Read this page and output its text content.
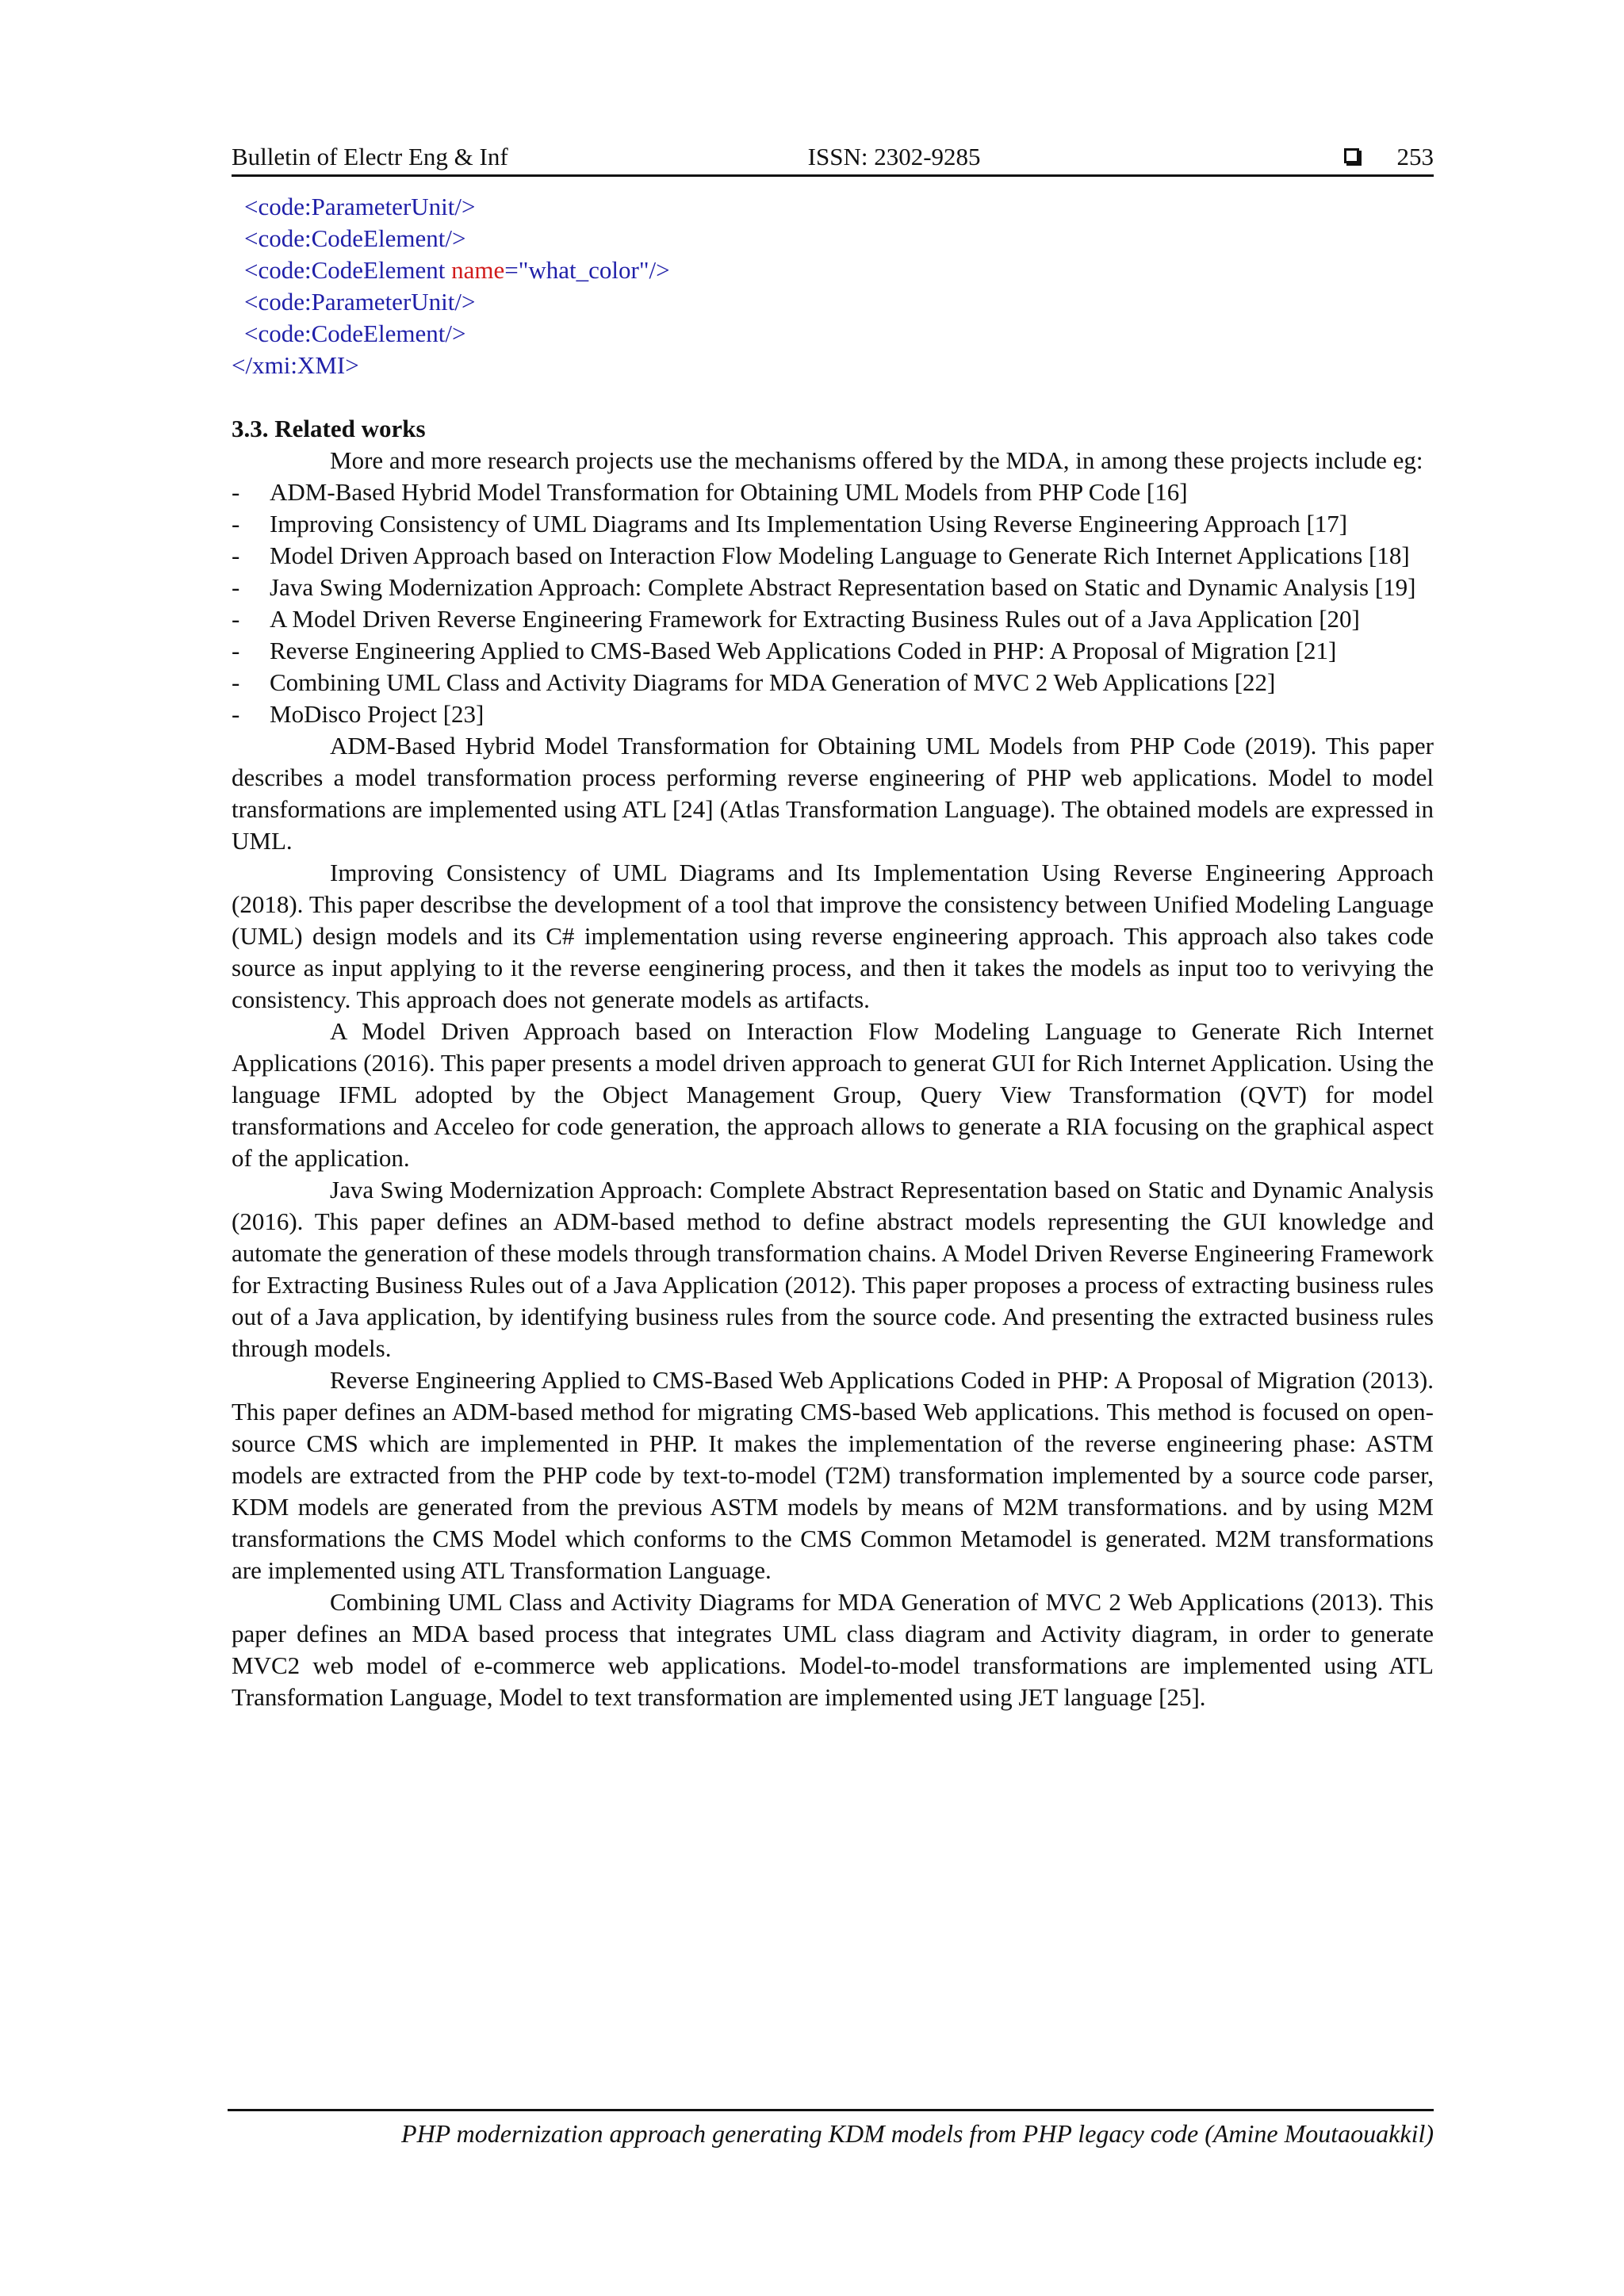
Bulletin of Electr Eng & Inf	ISSN: 2302-9285	253
<code:ParameterUnit/>
<code:CodeElement/>
<code:CodeElement name="what_color"/>
<code:ParameterUnit/>
<code:CodeElement/>
</xmi:XMI>
3.3. Related works

More and more research projects use the mechanisms offered by the MDA, in among these projects include eg:

- ADM-Based Hybrid Model Transformation for Obtaining UML Models from PHP Code [16]
- Improving Consistency of UML Diagrams and Its Implementation Using Reverse Engineering Approach [17]
- Model Driven Approach based on Interaction Flow Modeling Language to Generate Rich Internet Applications [18]
- Java Swing Modernization Approach: Complete Abstract Representation based on Static and Dynamic Analysis [19]
- A Model Driven Reverse Engineering Framework for Extracting Business Rules out of a Java Application [20]
- Reverse Engineering Applied to CMS-Based Web Applications Coded in PHP: A Proposal of Migration [21]
- Combining UML Class and Activity Diagrams for MDA Generation of MVC 2 Web Applications [22]
- MoDisco Project [23]

ADM-Based Hybrid Model Transformation for Obtaining UML Models from PHP Code (2019). This paper describes a model transformation process performing reverse engineering of PHP web applications. Model to model transformations are implemented using ATL [24] (Atlas Transformation Language). The obtained models are expressed in UML.

Improving Consistency of UML Diagrams and Its Implementation Using Reverse Engineering Approach (2018). This paper describse the development of a tool that improve the consistency between Unified Modeling Language (UML) design models and its C# implementation using reverse engineering approach. This approach also takes code source as input applying to it the reverse eenginering process, and then it takes the models as input too to verivying the consistency. This approach does not generate models as artifacts.

A Model Driven Approach based on Interaction Flow Modeling Language to Generate Rich Internet Applications (2016). This paper presents a model driven approach to generat GUI for Rich Internet Application. Using the language IFML adopted by the Object Management Group, Query View Transformation (QVT) for model transformations and Acceleo for code generation, the approach allows to generate a RIA focusing on the graphical aspect of the application.

Java Swing Modernization Approach: Complete Abstract Representation based on Static and Dynamic Analysis (2016). This paper defines an ADM-based method to define abstract models representing the GUI knowledge and automate the generation of these models through transformation chains. A Model Driven Reverse Engineering Framework for Extracting Business Rules out of a Java Application (2012). This paper proposes a process of extracting business rules out of a Java application, by identifying business rules from the source code. And presenting the extracted business rules through models.

Reverse Engineering Applied to CMS-Based Web Applications Coded in PHP: A Proposal of Migration (2013). This paper defines an ADM-based method for migrating CMS-based Web applications. This method is focused on open-source CMS which are implemented in PHP. It makes the implementation of the reverse engineering phase: ASTM models are extracted from the PHP code by text-to-model (T2M) transformation implemented by a source code parser, KDM models are generated from the previous ASTM models by means of M2M transformations. and by using M2M transformations the CMS Model which conforms to the CMS Common Metamodel is generated. M2M transformations are implemented using ATL Transformation Language.

Combining UML Class and Activity Diagrams for MDA Generation of MVC 2 Web Applications (2013). This paper defines an MDA based process that integrates UML class diagram and Activity diagram, in order to generate MVC2 web model of e-commerce web applications. Model-to-model transformations are implemented using ATL Transformation Language, Model to text transformation are implemented using JET language [25].

PHP modernization approach generating KDM models from PHP legacy code (Amine Moutaouakkil)
